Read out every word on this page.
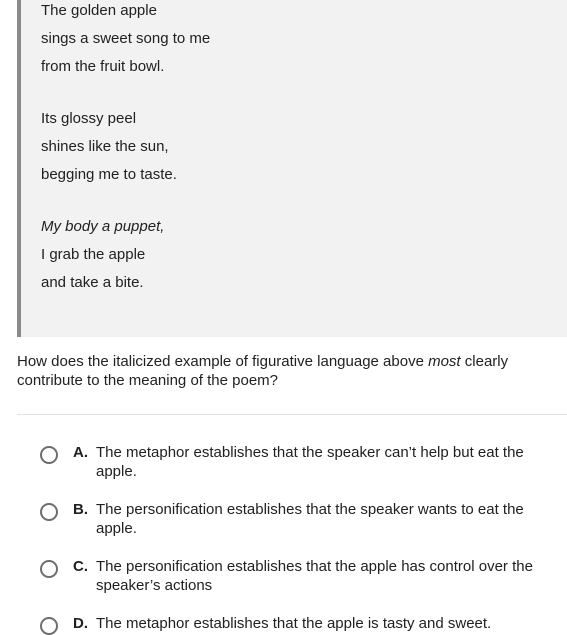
The golden apple
sings a sweet song to me
from the fruit bowl.
Its glossy peel
shines like the sun,
begging me to taste.
My body a puppet,
I grab the apple
and take a bite.
How does the italicized example of figurative language above most clearly contribute to the meaning of the poem?
A. The metaphor establishes that the speaker can’t help but eat the apple.
B. The personification establishes that the speaker wants to eat the apple.
C. The personification establishes that the apple has control over the speaker’s actions
D. The metaphor establishes that the apple is tasty and sweet.
